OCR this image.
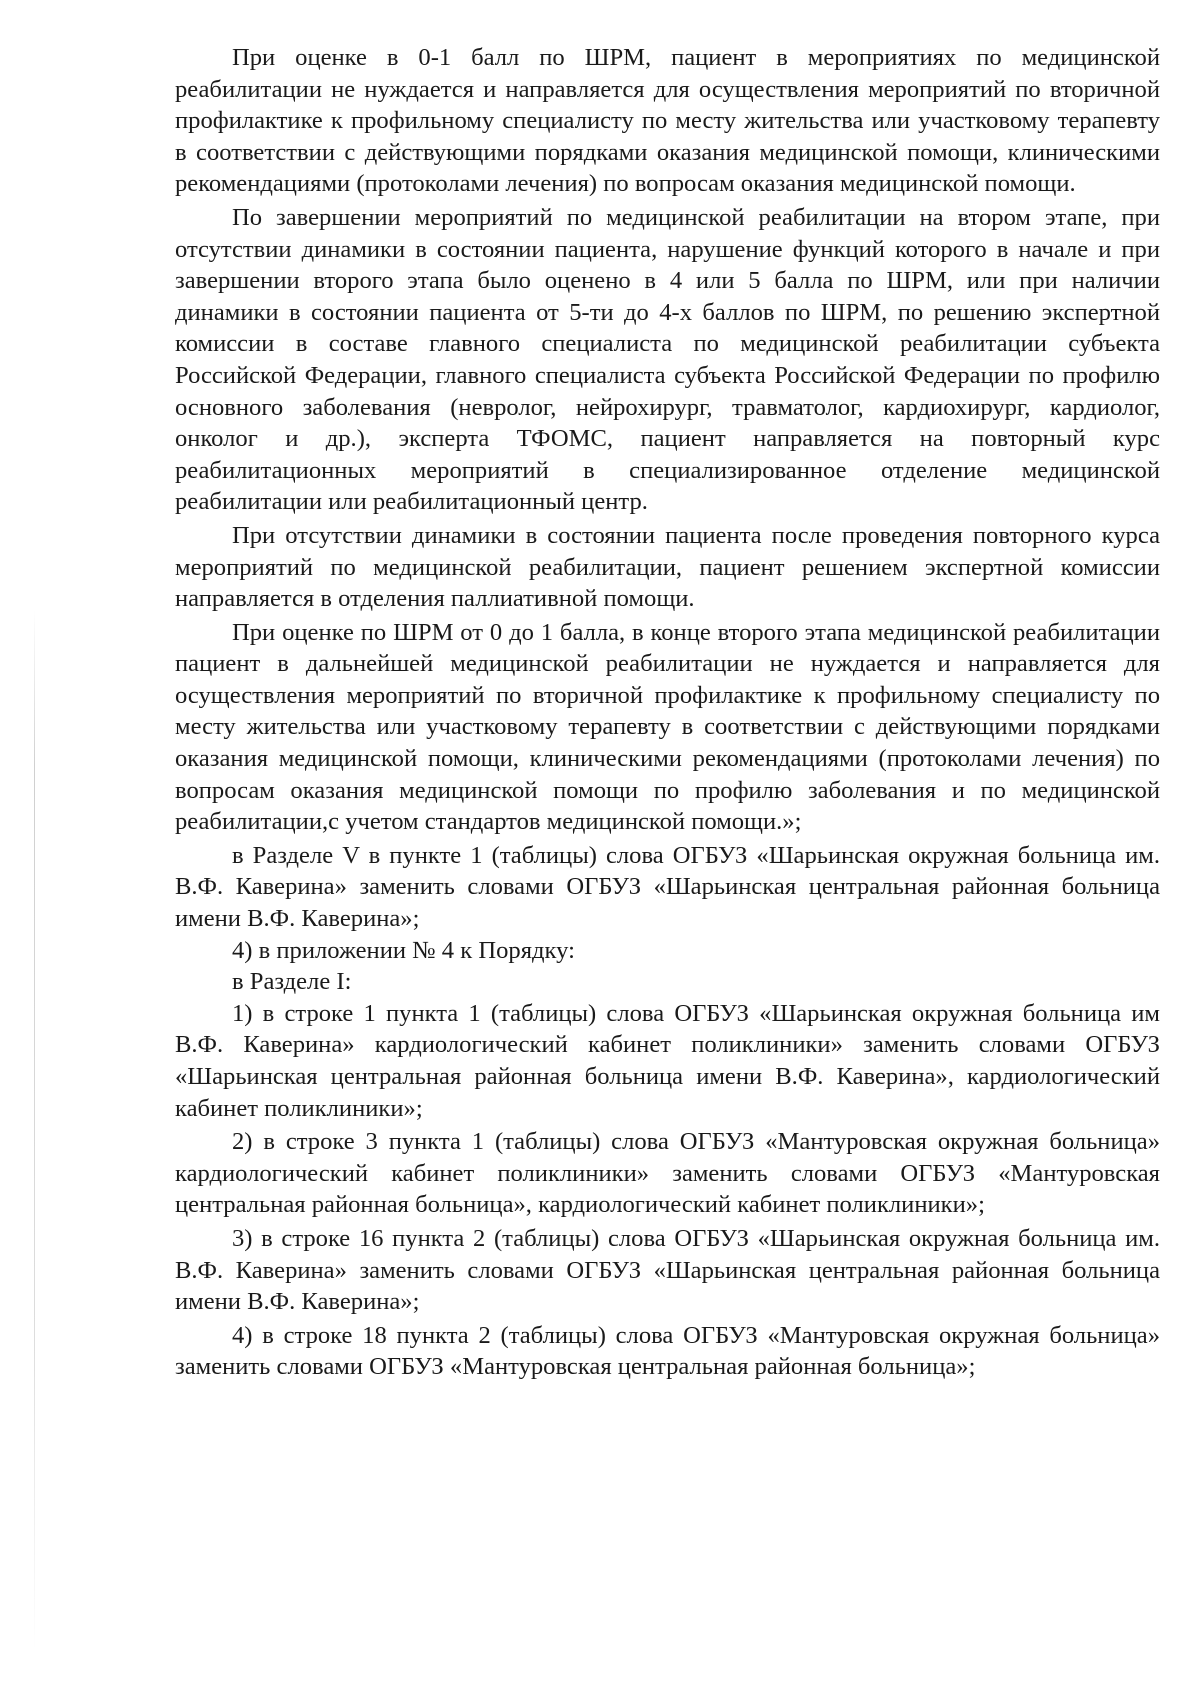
При оценке в 0-1 балл по ШРМ, пациент в мероприятиях по медицинской реабилитации не нуждается и направляется для осуществления мероприятий по вторичной профилактике к профильному специалисту по месту жительства или участковому терапевту в соответствии с действующими порядками оказания медицинской помощи, клиническими рекомендациями (протоколами лечения) по вопросам оказания медицинской помощи.

По завершении мероприятий по медицинской реабилитации на втором этапе, при отсутствии динамики в состоянии пациента, нарушение функций которого в начале и при завершении второго этапа было оценено в 4 или 5 балла по ШРМ, или при наличии динамики в состоянии пациента от 5-ти до 4-х баллов по ШРМ, по решению экспертной комиссии в составе главного специалиста по медицинской реабилитации субъекта Российской Федерации, главного специалиста субъекта Российской Федерации по профилю основного заболевания (невролог, нейрохирург, травматолог, кардиохирург, кардиолог, онколог и др.), эксперта ТФОМС, пациент направляется на повторный курс реабилитационных мероприятий в специализированное отделение медицинской реабилитации или реабилитационный центр.

При отсутствии динамики в состоянии пациента после проведения повторного курса мероприятий по медицинской реабилитации, пациент решением экспертной комиссии направляется в отделения паллиативной помощи.

При оценке по ШРМ от 0 до 1 балла, в конце второго этапа медицинской реабилитации пациент в дальнейшей медицинской реабилитации не нуждается и направляется для осуществления мероприятий по вторичной профилактике к профильному специалисту по месту жительства или участковому терапевту в соответствии с действующими порядками оказания медицинской помощи, клиническими рекомендациями (протоколами лечения) по вопросам оказания медицинской помощи по профилю заболевания и по медицинской реабилитации,с учетом стандартов медицинской помощи.»;

в Разделе V в пункте 1 (таблицы) слова ОГБУЗ «Шарьинская окружная больница им. В.Ф. Каверина» заменить словами ОГБУЗ «Шарьинская центральная районная больница имени В.Ф. Каверина»;

4) в приложении № 4 к Порядку:

в Разделе I:

1) в строке 1 пункта 1 (таблицы) слова ОГБУЗ «Шарьинская окружная больница им В.Ф. Каверина» кардиологический кабинет поликлиники» заменить словами ОГБУЗ «Шарьинская центральная районная больница имени В.Ф. Каверина», кардиологический кабинет поликлиники»;

2) в строке 3 пункта 1 (таблицы) слова ОГБУЗ «Мантуровская окружная больница» кардиологический кабинет поликлиники» заменить словами ОГБУЗ «Мантуровская центральная районная больница», кардиологический кабинет поликлиники»;

3) в строке 16 пункта 2 (таблицы) слова ОГБУЗ «Шарьинская окружная больница им. В.Ф. Каверина» заменить словами ОГБУЗ «Шарьинская центральная районная больница имени В.Ф. Каверина»;

4) в строке 18 пункта 2 (таблицы) слова ОГБУЗ «Мантуровская окружная больница» заменить словами ОГБУЗ «Мантуровская центральная районная больница»;
